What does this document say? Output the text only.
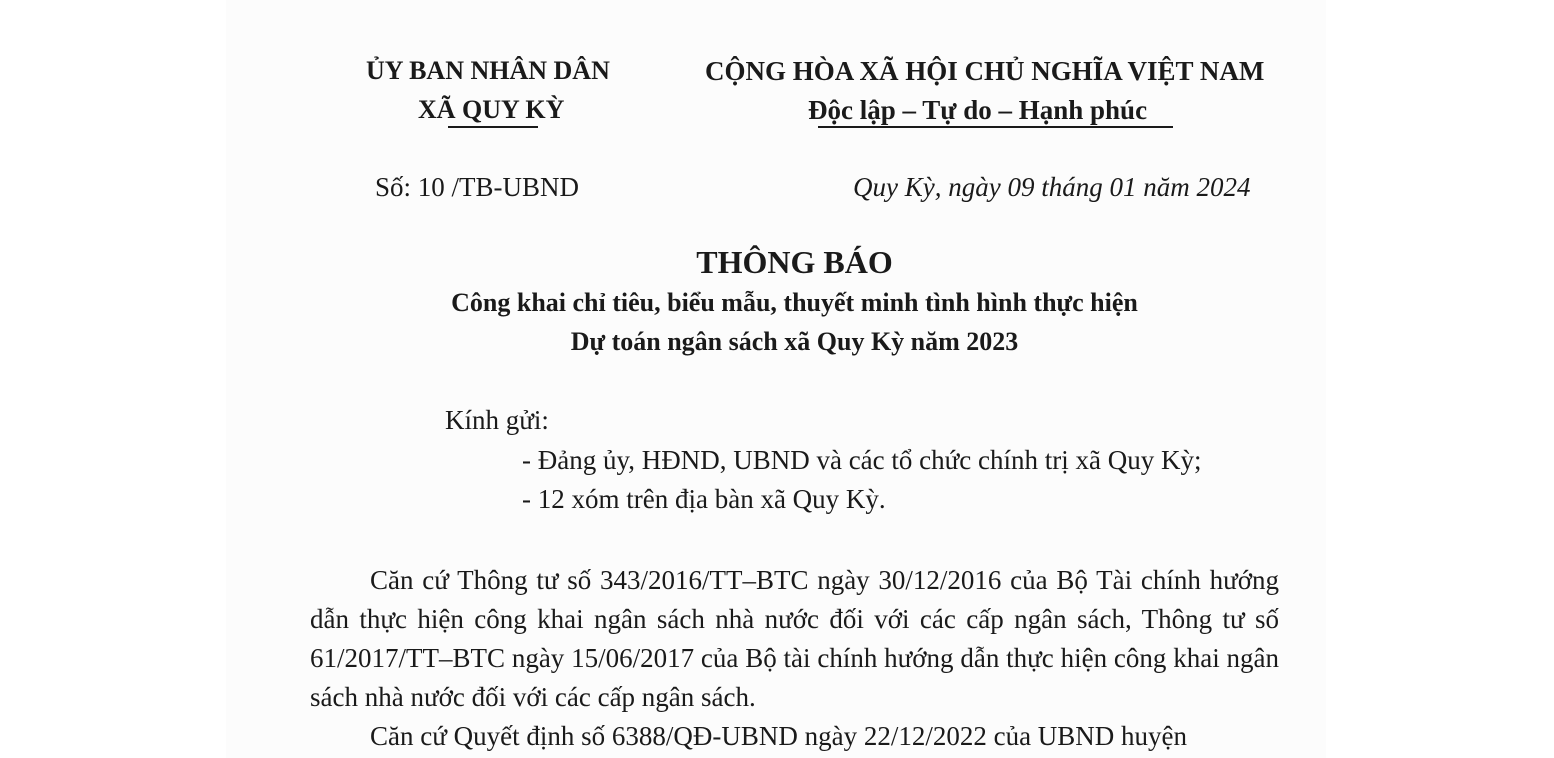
ỦY BAN NHÂN DÂN
XÃ QUY KỲ
CỘNG HÒA XÃ HỘI CHỦ NGHĨA VIỆT NAM
Độc lập – Tự do – Hạnh phúc
Số: 10 /TB-UBND	Quy Kỳ, ngày 09 tháng 01 năm 2024
THÔNG BÁO
Công khai chỉ tiêu, biểu mẫu, thuyết minh tình hình thực hiện
Dự toán ngân sách xã Quy Kỳ năm 2023
Kính gửi:
- Đảng ủy, HĐND, UBND và các tổ chức chính trị xã Quy Kỳ;
- 12 xóm trên địa bàn xã Quy Kỳ.

Căn cứ Thông tư số 343/2016/TT–BTC ngày 30/12/2016 của Bộ Tài chính hướng dẫn thực hiện công khai ngân sách nhà nước đối với các cấp ngân sách, Thông tư số 61/2017/TT–BTC ngày 15/06/2017 của Bộ tài chính hướng dẫn thực hiện công khai ngân sách nhà nước đối với các cấp ngân sách.

Căn cứ Quyết định số 6388/QĐ-UBND ngày 22/12/2022 của UBND huyện
